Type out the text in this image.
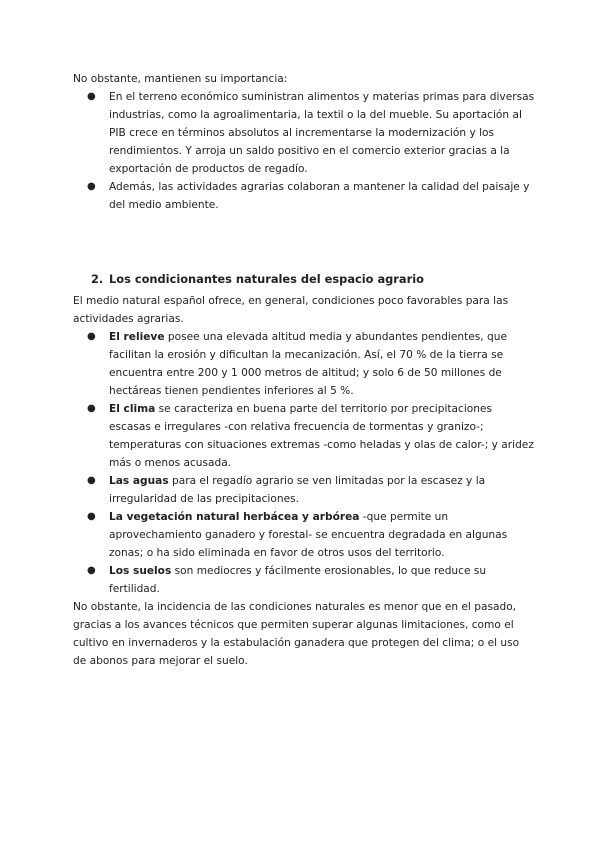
No obstante, mantienen su importancia:

● En el terreno económico suministran alimentos y materias primas para diversas industrias, como la agroalimentaria, la textil o la del mueble. Su aportación al PIB crece en términos absolutos al incrementarse la modernización y los rendimientos. Y arroja un saldo positivo en el comercio exterior gracias a la exportación de productos de regadío.
● Además, las actividades agrarias colaboran a mantener la calidad del paisaje y del medio ambiente.
2. Los condicionantes naturales del espacio agrario

El medio natural español ofrece, en general, condiciones poco favorables para las actividades agrarias.

● El relieve posee una elevada altitud media y abundantes pendientes, que facilitan la erosión y dificultan la mecanización. Así, el 70 % de la tierra se encuentra entre 200 y 1 000 metros de altitud; y solo 6 de 50 millones de hectáreas tienen pendientes inferiores al 5 %.
● El clima se caracteriza en buena parte del territorio por precipitaciones escasas e irregulares -con relativa frecuencia de tormentas y granizo-; temperaturas con situaciones extremas -como heladas y olas de calor-; y aridez más o menos acusada.
● Las aguas para el regadío agrario se ven limitadas por la escasez y la irregularidad de las precipitaciones.
● La vegetación natural herbácea y arbórea -que permite un aprovechamiento ganadero y forestal- se encuentra degradada en algunas zonas; o ha sido eliminada en favor de otros usos del territorio.
● Los suelos son mediocres y fácilmente erosionables, lo que reduce su fertilidad.

No obstante, la incidencia de las condiciones naturales es menor que en el pasado, gracias a los avances técnicos que permiten superar algunas limitaciones, como el cultivo en invernaderos y la estabulación ganadera que protegen del clima; o el uso de abonos para mejorar el suelo.
